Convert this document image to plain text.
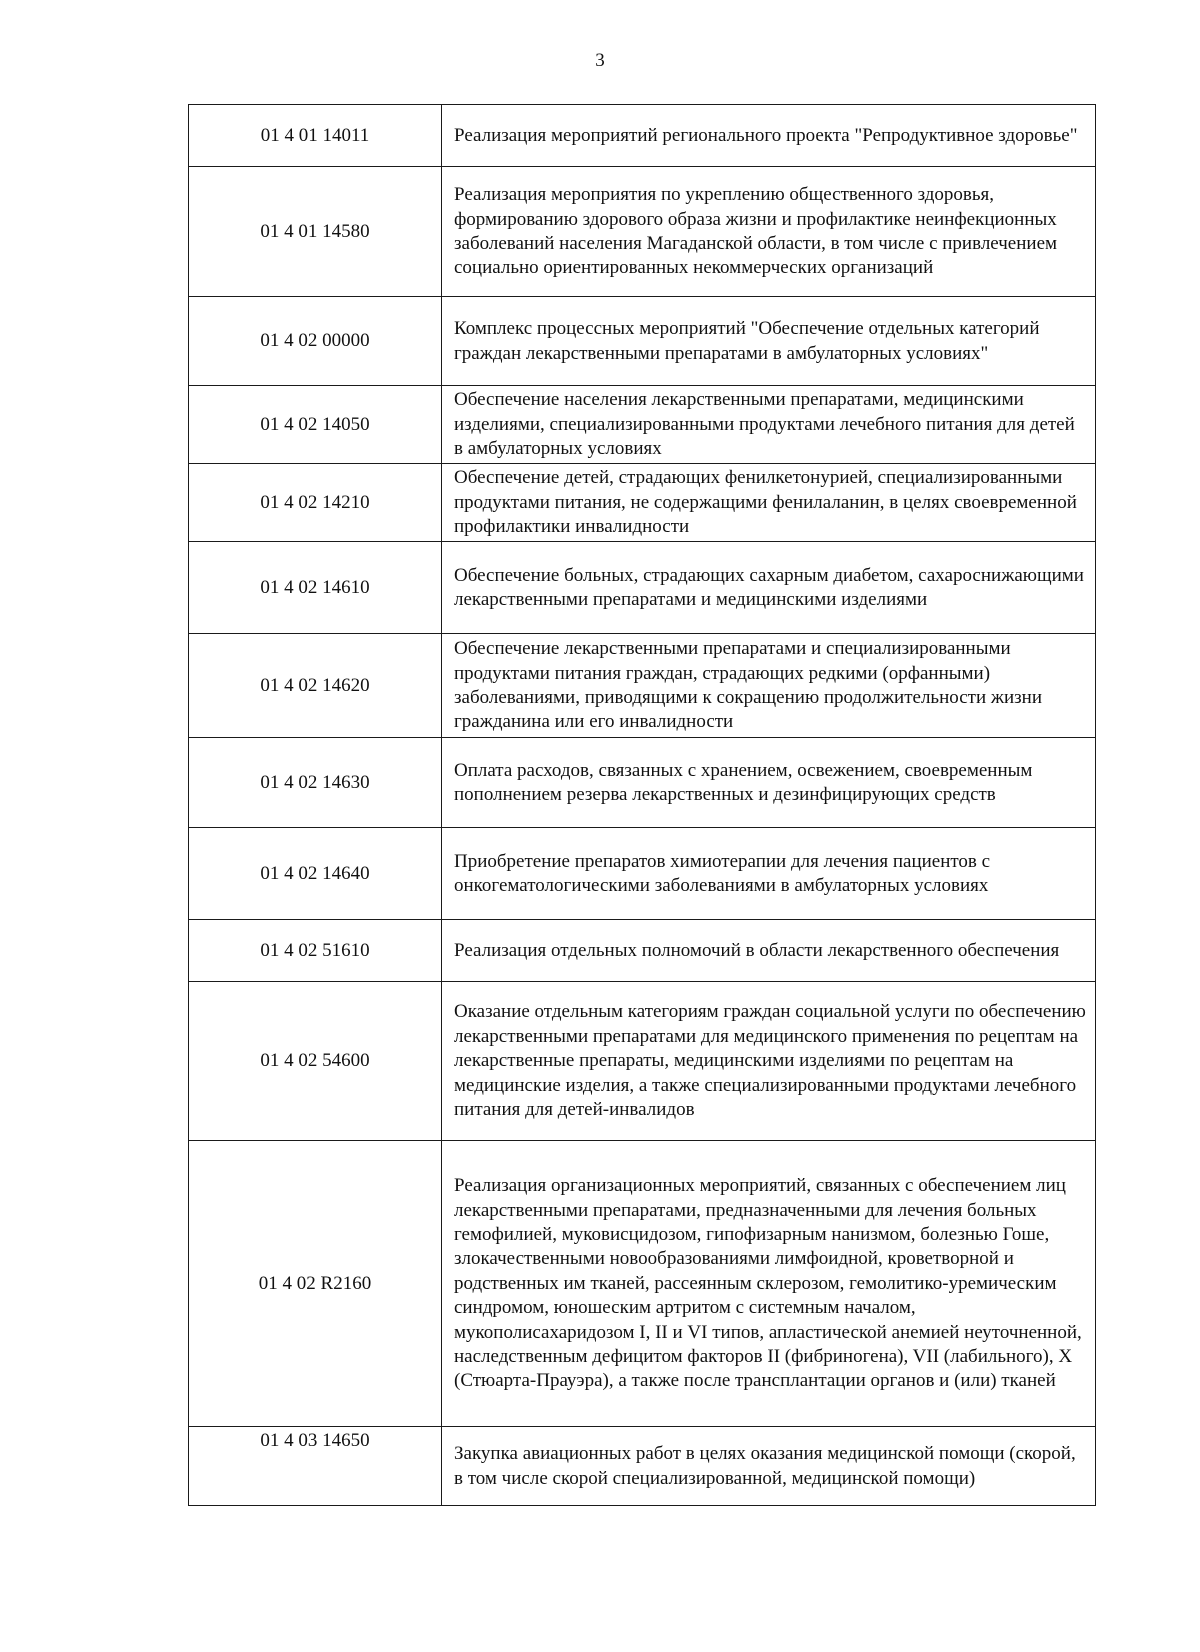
3
01 4 01 14011	Реализация мероприятий регионального проекта "Репродуктивное здоровье"
01 4 01 14580	Реализация мероприятия по укреплению общественного здоровья, формированию здорового образа жизни и профилактике неинфекционных заболеваний населения Магаданской области, в том числе с привлечением социально ориентированных некоммерческих организаций
01 4 02 00000	Комплекс процессных мероприятий "Обеспечение отдельных категорий граждан лекарственными препаратами в амбулаторных условиях"
01 4 02 14050	Обеспечение населения лекарственными препаратами, медицинскими изделиями, специализированными продуктами лечебного питания для детей в амбулаторных условиях
01 4 02 14210	Обеспечение детей, страдающих фенилкетонурией, специализированными продуктами питания, не содержащими фенилаланин, в целях своевременной профилактики инвалидности
01 4 02 14610	Обеспечение больных, страдающих сахарным диабетом, сахароснижающими лекарственными препаратами и медицинскими изделиями
01 4 02 14620	Обеспечение лекарственными препаратами и специализированными продуктами питания граждан, страдающих редкими (орфанными) заболеваниями, приводящими к сокращению продолжительности жизни гражданина или его инвалидности
01 4 02 14630	Оплата расходов, связанных с хранением, освежением, своевременным пополнением резерва лекарственных и дезинфицирующих средств
01 4 02 14640	Приобретение препаратов химиотерапии для лечения пациентов с онкогематологическими заболеваниями в амбулаторных условиях
01 4 02 51610	Реализация отдельных полномочий в области лекарственного обеспечения
01 4 02 54600	Оказание отдельным категориям граждан социальной услуги по обеспечению лекарственными препаратами для медицинского применения по рецептам на лекарственные препараты, медицинскими изделиями по рецептам на медицинские изделия, а также специализированными продуктами лечебного питания для детей-инвалидов
01 4 02 R2160	Реализация организационных мероприятий, связанных с обеспечением лиц лекарственными препаратами, предназначенными для лечения больных гемофилией, муковисцидозом, гипофизарным нанизмом, болезнью Гоше, злокачественными новообразованиями лимфоидной, кроветворной и родственных им тканей, рассеянным склерозом, гемолитико-уремическим синдромом, юношеским артритом с системным началом, мукополисахаридозом I, II и VI типов, апластической анемией неуточненной, наследственным дефицитом факторов II (фибриногена), VII (лабильного), X (Стюарта-Прауэра), а также после трансплантации органов и (или) тканей
01 4 03 14650	Закупка авиационных работ в целях оказания медицинской помощи (скорой, в том числе скорой специализированной, медицинской помощи)
